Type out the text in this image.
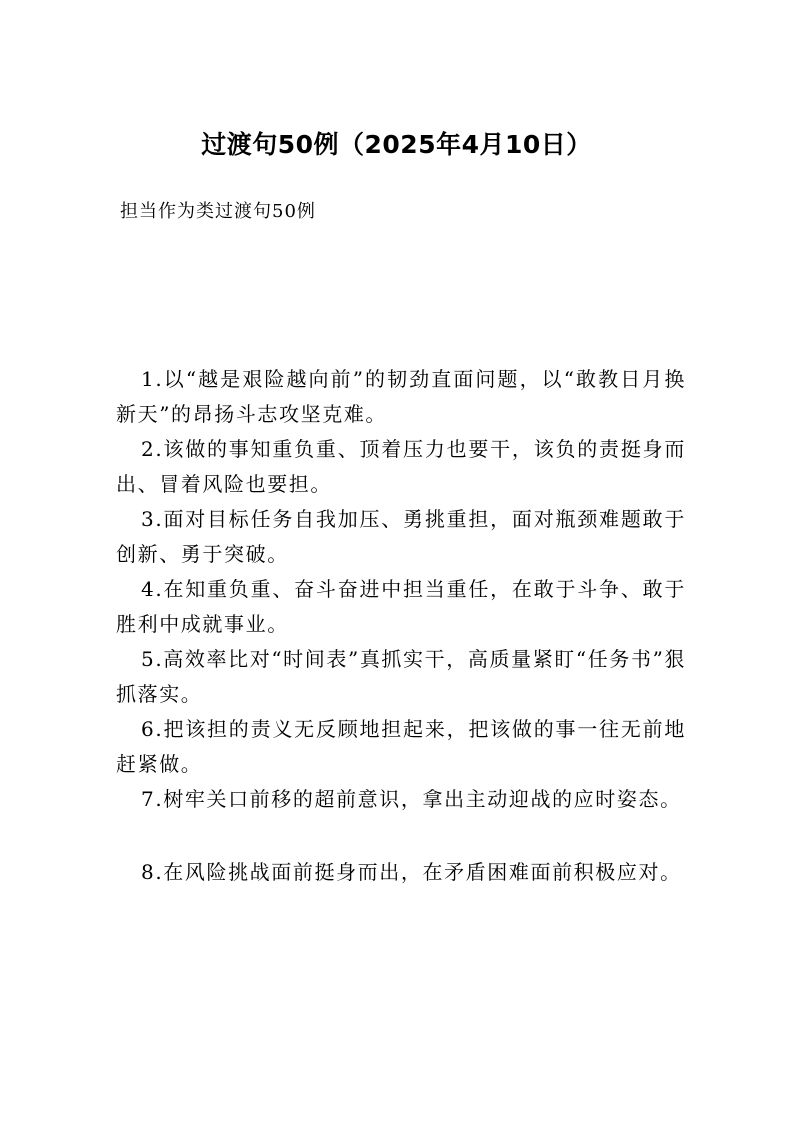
过渡句50例（2025年4月10日）
担当作为类过渡句50例

1.以“越是艰险越向前”的韧劲直面问题，以“敢教日月换新天”的昂扬斗志攻坚克难。

2.该做的事知重负重、顶着压力也要干，该负的责挺身而出、冒着风险也要担。

3.面对目标任务自我加压、勇挑重担，面对瓶颈难题敢于创新、勇于突破。

4.在知重负重、奋斗奋进中担当重任，在敢于斗争、敢于胜利中成就事业。

5.高效率比对“时间表”真抓实干，高质量紧盯“任务书”狠抓落实。

6.把该担的责义无反顾地担起来，把该做的事一往无前地赶紧做。

7.树牢关口前移的超前意识，拿出主动迎战的应时姿态。

8.在风险挑战面前挺身而出，在矛盾困难面前积极应对。
